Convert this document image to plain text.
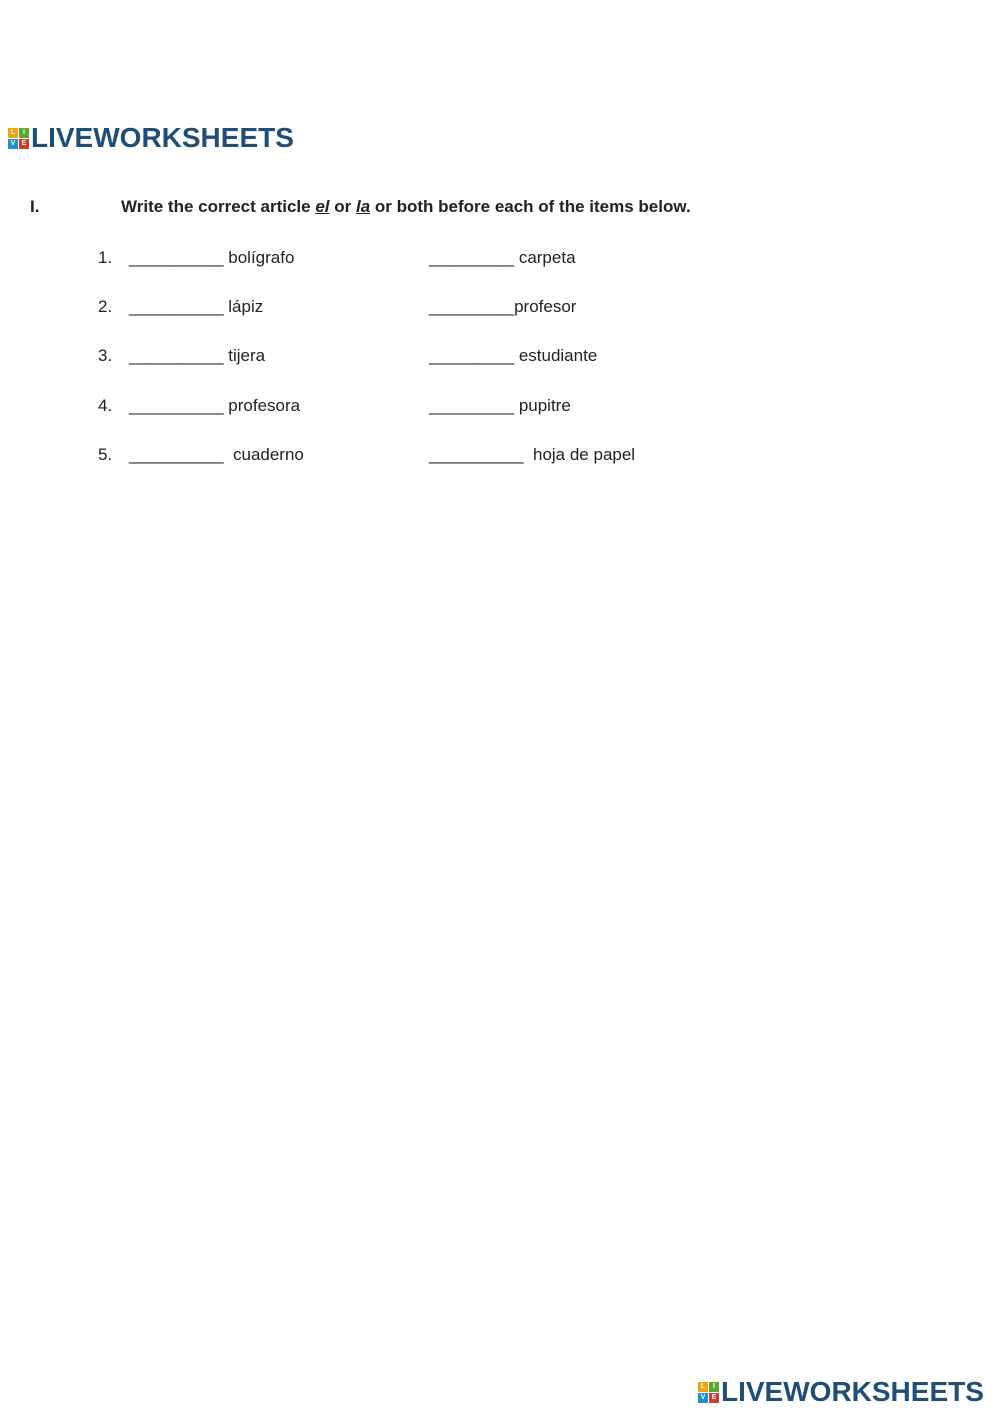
L	I
V E LIVEWORKSHEETS
I.	Write the correct article el or la or both before each of the items below.
1. __________ bolígrafo	_________ carpeta
2. __________ lápiz	_________profesor
3. __________ tijera	_________ estudiante
4. __________ profesora	_________ pupitre
5. __________  cuaderno	__________  hoja de papel
L	I
V E LIVEWORKSHEETS
